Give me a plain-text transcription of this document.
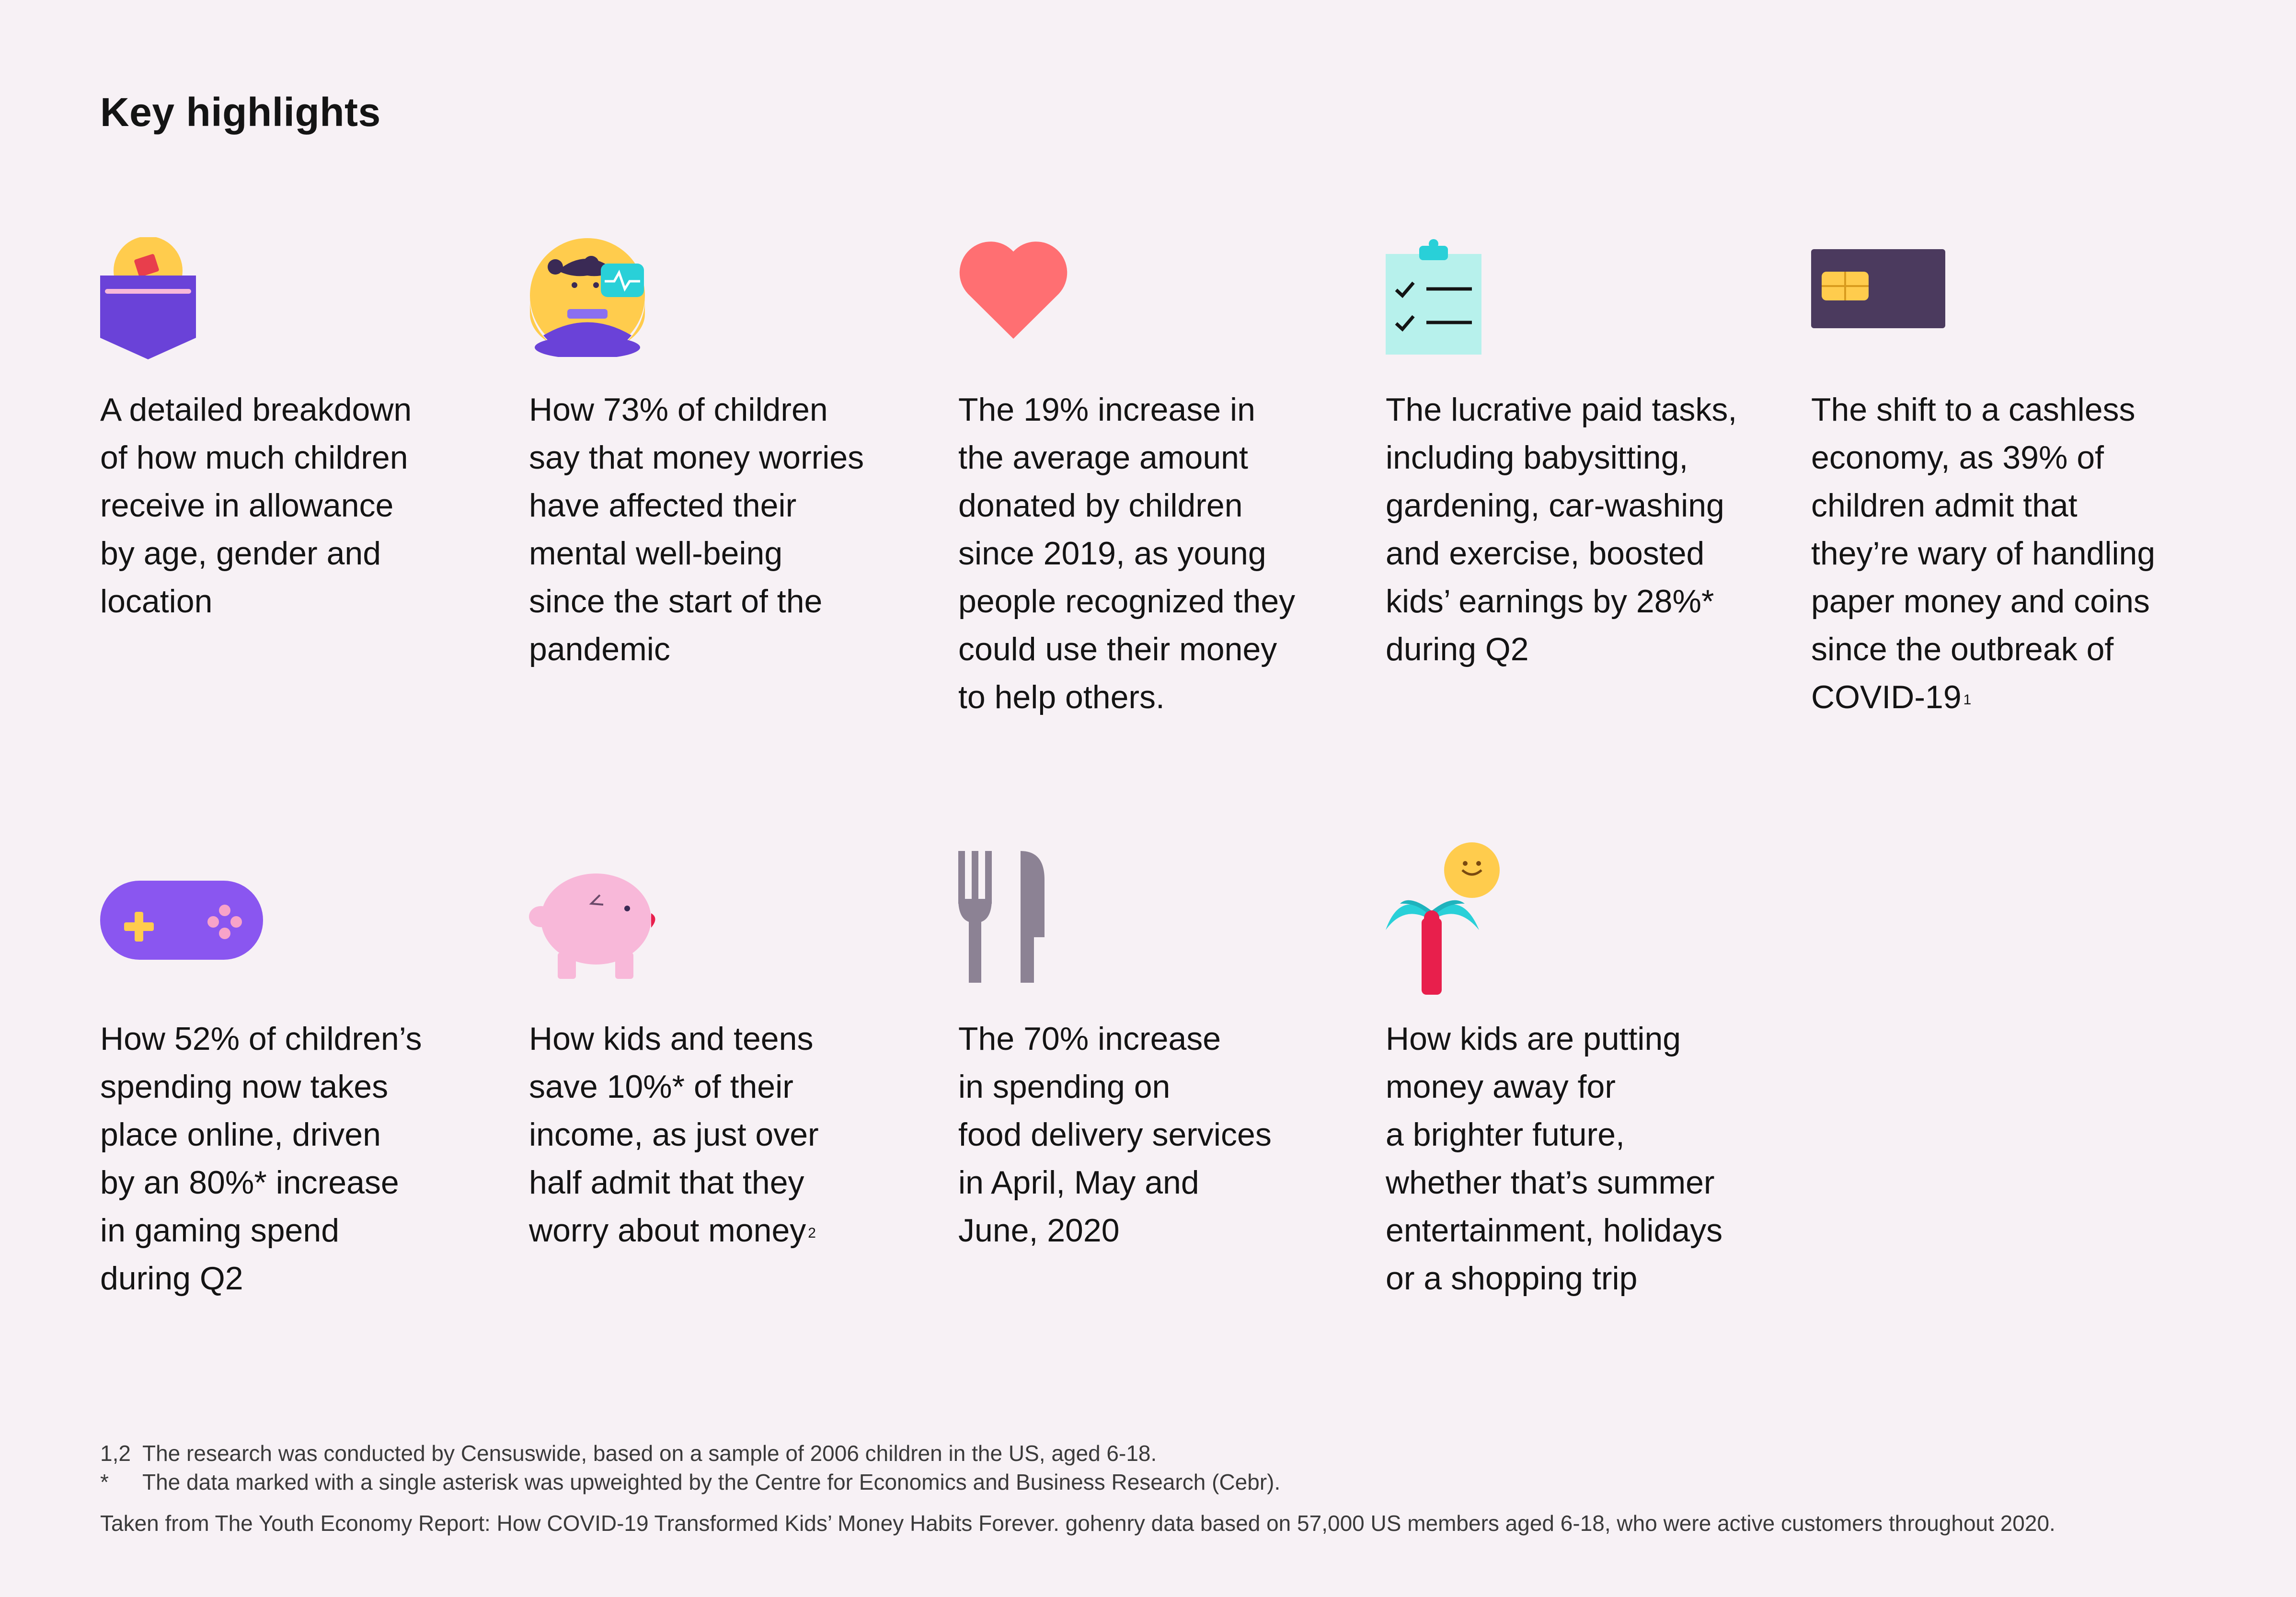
Key highlights

A detailed breakdown
of how much children
receive in allowance
by age, gender and
location

How 73% of children
say that money worries
have affected their
mental well-being
since the start of the
pandemic

The 19% increase in
the average amount
donated by children
since 2019, as young
people recognized they
could use their money
to help others.

The lucrative paid tasks,
including babysitting,
gardening, car-washing
and exercise, boosted
kids’ earnings by 28%*
during Q2

The shift to a cashless
economy, as 39% of
children admit that
they’re wary of handling
paper money and coins
since the outbreak of
COVID-19 $^1$

How 52% of children’s
spending now takes
place online, driven
by an 80%* increase
in gaming spend
during Q2

How kids and teens
save 10%* of their
income, as just over
half admit that they
worry about money $^2$

The 70% increase
in spending on
food delivery services
in April, May and
June, 2020

How kids are putting
money away for
a brighter future,
whether that’s summer
entertainment, holidays
or a shopping trip

1,2 The research was conducted by Censuswide, based on a sample of 2006 children in the US, aged 6-18.
* The data marked with a single asterisk was upweighted by the Centre for Economics and Business Research (Cebr).

Taken from The Youth Economy Report: How COVID-19 Transformed Kids’ Money Habits Forever. gohenry data based on 57,000 US members aged 6-18, who were active customers throughout 2020.
